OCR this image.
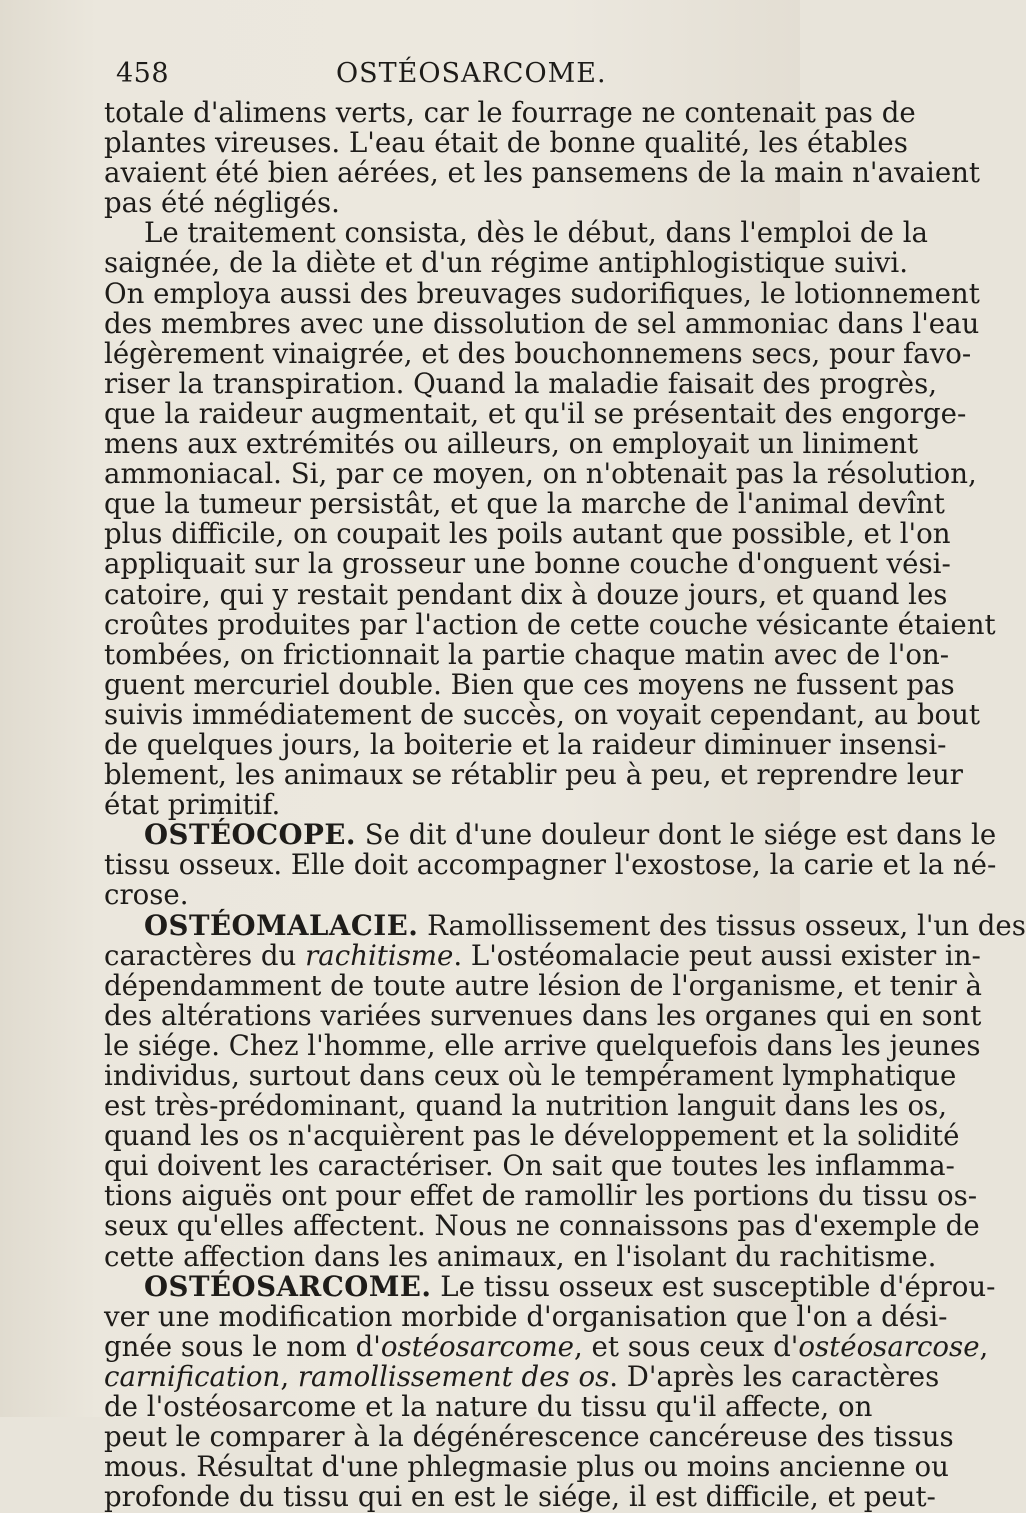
458	OSTÉOSARCOME.
totale d'alimens verts, car le fourrage ne contenait pas de
plantes vireuses. L'eau était de bonne qualité, les étables
avaient été bien aérées, et les pansemens de la main n'avaient
pas été négligés.
Le traitement consista, dès le début, dans l'emploi de la
saignée, de la diète et d'un régime antiphlogistique suivi.
On employa aussi des breuvages sudorifiques, le lotionnement
des membres avec une dissolution de sel ammoniac dans l'eau
légèrement vinaigrée, et des bouchonnemens secs, pour favo-
riser la transpiration. Quand la maladie faisait des progrès,
que la raideur augmentait, et qu'il se présentait des engorge-
mens aux extrémités ou ailleurs, on employait un liniment
ammoniacal. Si, par ce moyen, on n'obtenait pas la résolution,
que la tumeur persistât, et que la marche de l'animal devînt
plus difficile, on coupait les poils autant que possible, et l'on
appliquait sur la grosseur une bonne couche d'onguent vési-
catoire, qui y restait pendant dix à douze jours, et quand les
croûtes produites par l'action de cette couche vésicante étaient
tombées, on frictionnait la partie chaque matin avec de l'on-
guent mercuriel double. Bien que ces moyens ne fussent pas
suivis immédiatement de succès, on voyait cependant, au bout
de quelques jours, la boiterie et la raideur diminuer insensi-
blement, les animaux se rétablir peu à peu, et reprendre leur
état primitif.
OSTÉOCOPE. Se dit d'une douleur dont le siége est dans le
tissu osseux. Elle doit accompagner l'exostose, la carie et la né-
crose.
OSTÉOMALACIE. Ramollissement des tissus osseux, l'un des
caractères du rachitisme. L'ostéomalacie peut aussi exister in-
dépendamment de toute autre lésion de l'organisme, et tenir à
des altérations variées survenues dans les organes qui en sont
le siége. Chez l'homme, elle arrive quelquefois dans les jeunes
individus, surtout dans ceux où le tempérament lymphatique
est très-prédominant, quand la nutrition languit dans les os,
quand les os n'acquièrent pas le développement et la solidité
qui doivent les caractériser. On sait que toutes les inflamma-
tions aiguës ont pour effet de ramollir les portions du tissu os-
seux qu'elles affectent. Nous ne connaissons pas d'exemple de
cette affection dans les animaux, en l'isolant du rachitisme.
OSTÉOSARCOME. Le tissu osseux est susceptible d'éprou-
ver une modification morbide d'organisation que l'on a dési-
gnée sous le nom d'ostéosarcome, et sous ceux d'ostéosarcose,
carnification, ramollissement des os. D'après les caractères
de l'ostéosarcome et la nature du tissu qu'il affecte, on
peut le comparer à la dégénérescence cancéreuse des tissus
mous. Résultat d'une phlegmasie plus ou moins ancienne ou
profonde du tissu qui en est le siége, il est difficile, et peut-
